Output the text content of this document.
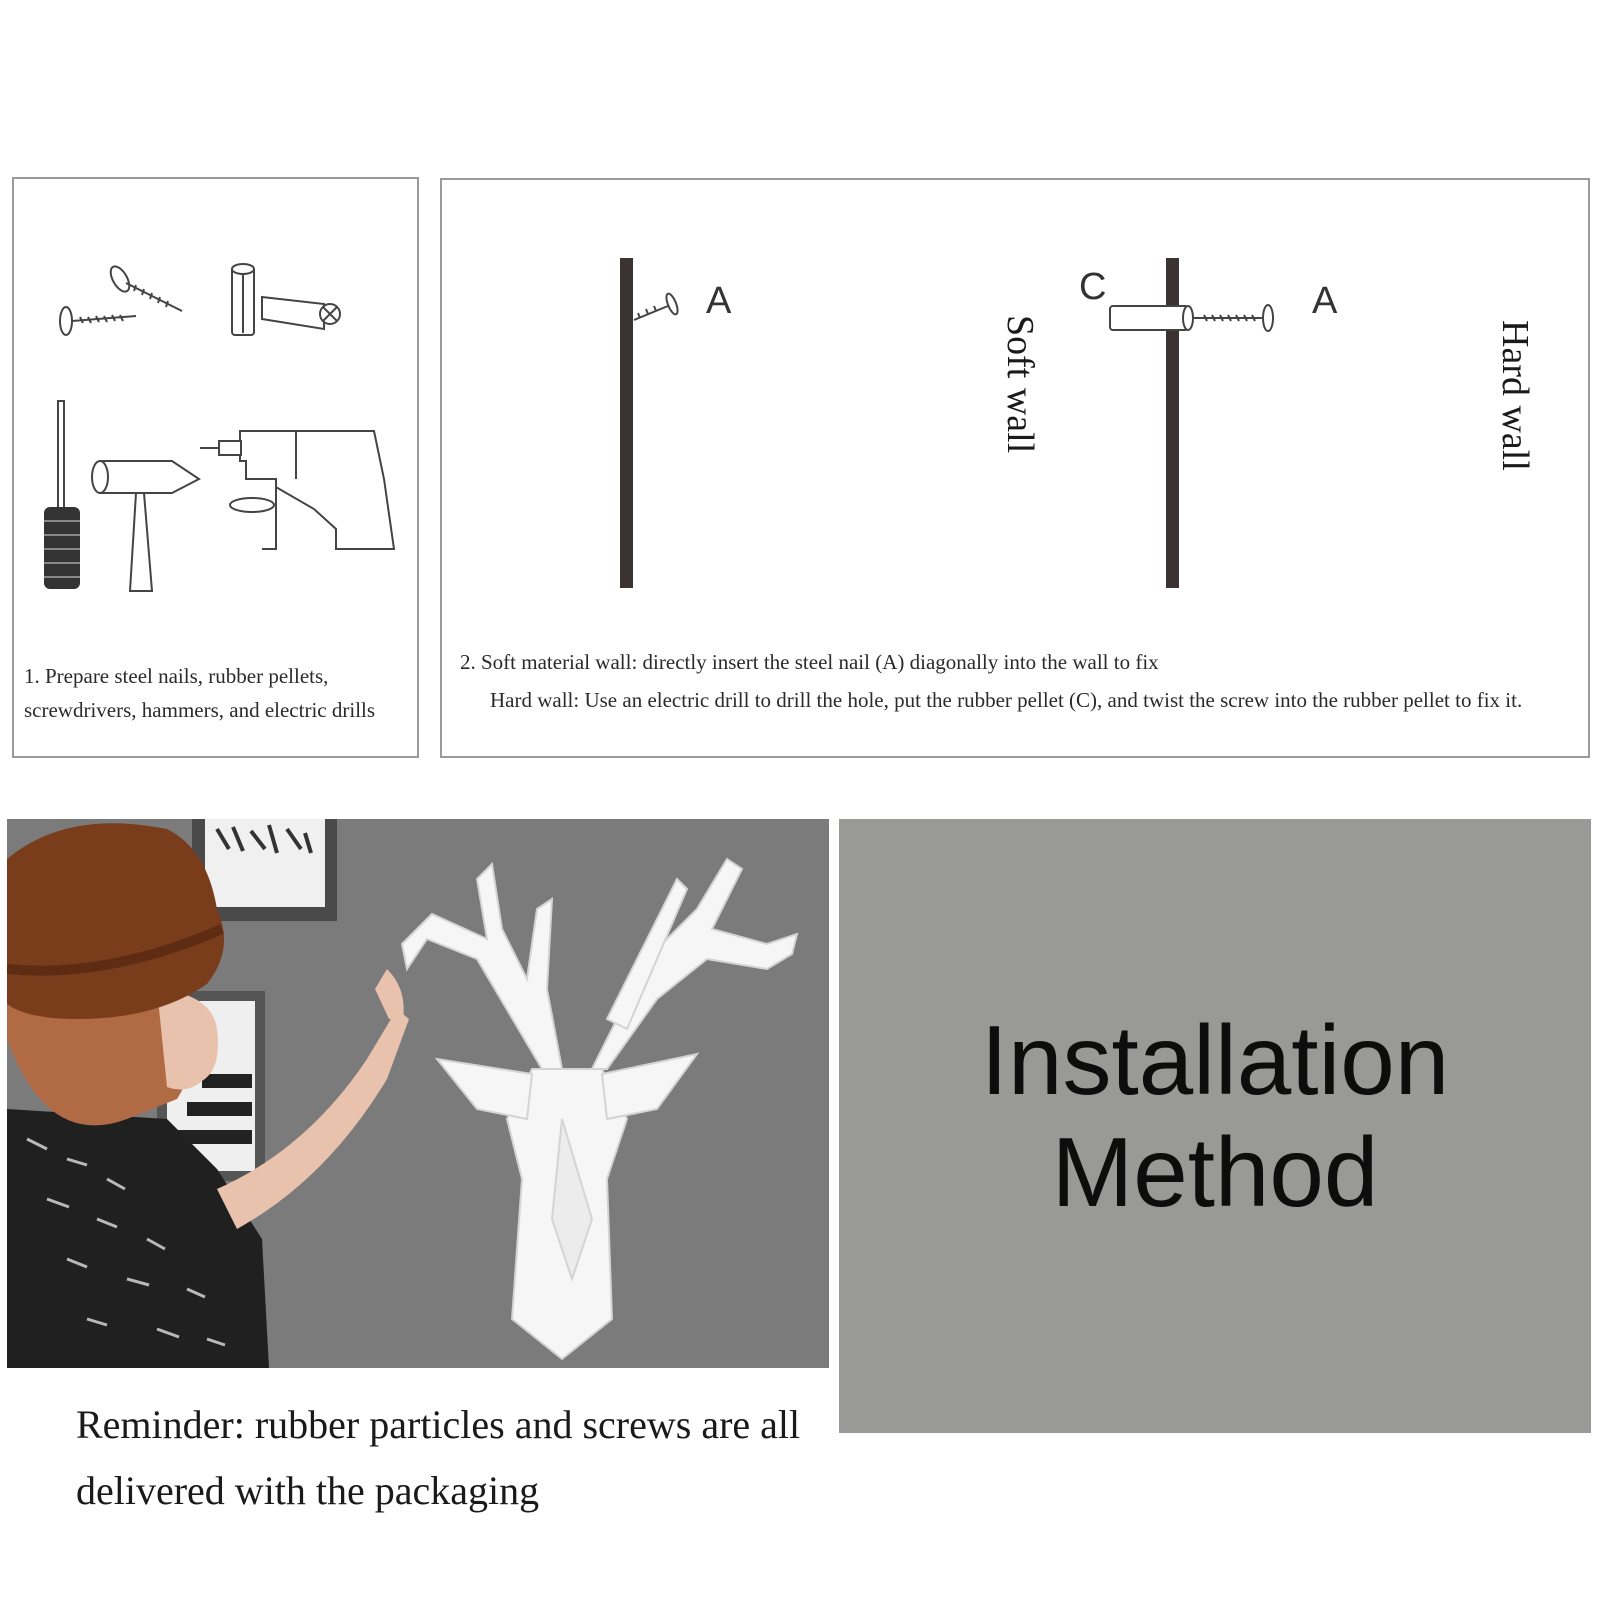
1. Prepare steel nails, rubber pellets, screwdrivers, hammers, and electric drills
Soft wall	Hard wall
A	C	A
2. Soft material wall: directly insert the steel nail (A) diagonally into the wall to fix
Hard wall: Use an electric drill to drill the hole, put the rubber pellet (C), and twist the screw into the rubber pellet to fix it.
Installation
Method
Reminder: rubber particles and screws are all delivered with the packaging
